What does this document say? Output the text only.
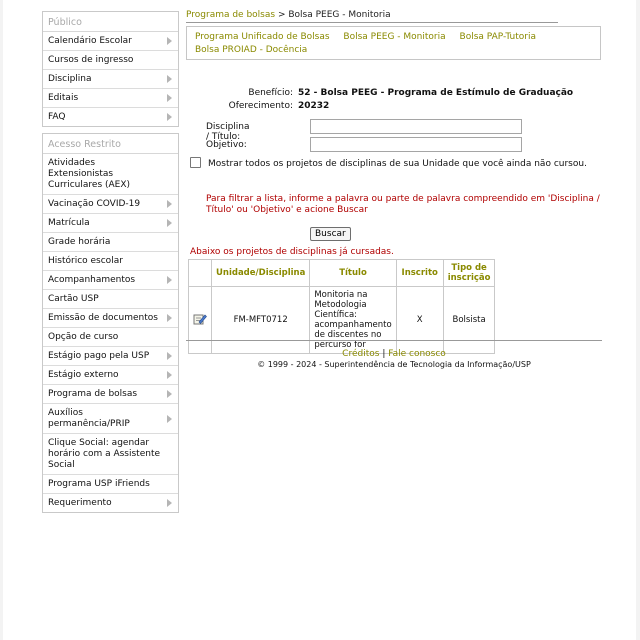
Público
Calendário Escolar
Cursos de ingresso
Disciplina
Editais
FAQ
Acesso Restrito
Atividades Extensionistas Curriculares (AEX)
Vacinação COVID-19
Matrícula
Grade horária
Histórico escolar
Acompanhamentos
Cartão USP
Emissão de documentos
Opção de curso
Estágio pago pela USP
Estágio externo
Programa de bolsas
Auxílios permanência/PRIP
Clique Social: agendar horário com a Assistente Social
Programa USP iFriends
Requerimento
Programa de bolsas > Bolsa PEEG - Monitoria
Programa Unificado de Bolsas Bolsa PEEG - Monitoria Bolsa PAP-Tutoria
Bolsa PROIAD - Docência
Benefício: 52 - Bolsa PEEG - Programa de Estímulo de Graduação
Oferecimento: 20232
Disciplina / Título:
Objetivo:
Mostrar todos os projetos de disciplinas de sua Unidade que você ainda não cursou.
Para filtrar a lista, informe a palavra ou parte de palavra compreendido em 'Disciplina / Título' ou 'Objetivo' e acione Buscar
Buscar
Abaixo os projetos de disciplinas já cursadas.
	Unidade/Disciplina	Título	Inscrito	Tipo de inscrição
	FM-MFT0712	Monitoria na Metodologia Científica: acompanhamento de discentes no percurso for	X	Bolsista
Créditos | Fale conosco
© 1999 - 2024 - Superintendência de Tecnologia da Informação/USP
